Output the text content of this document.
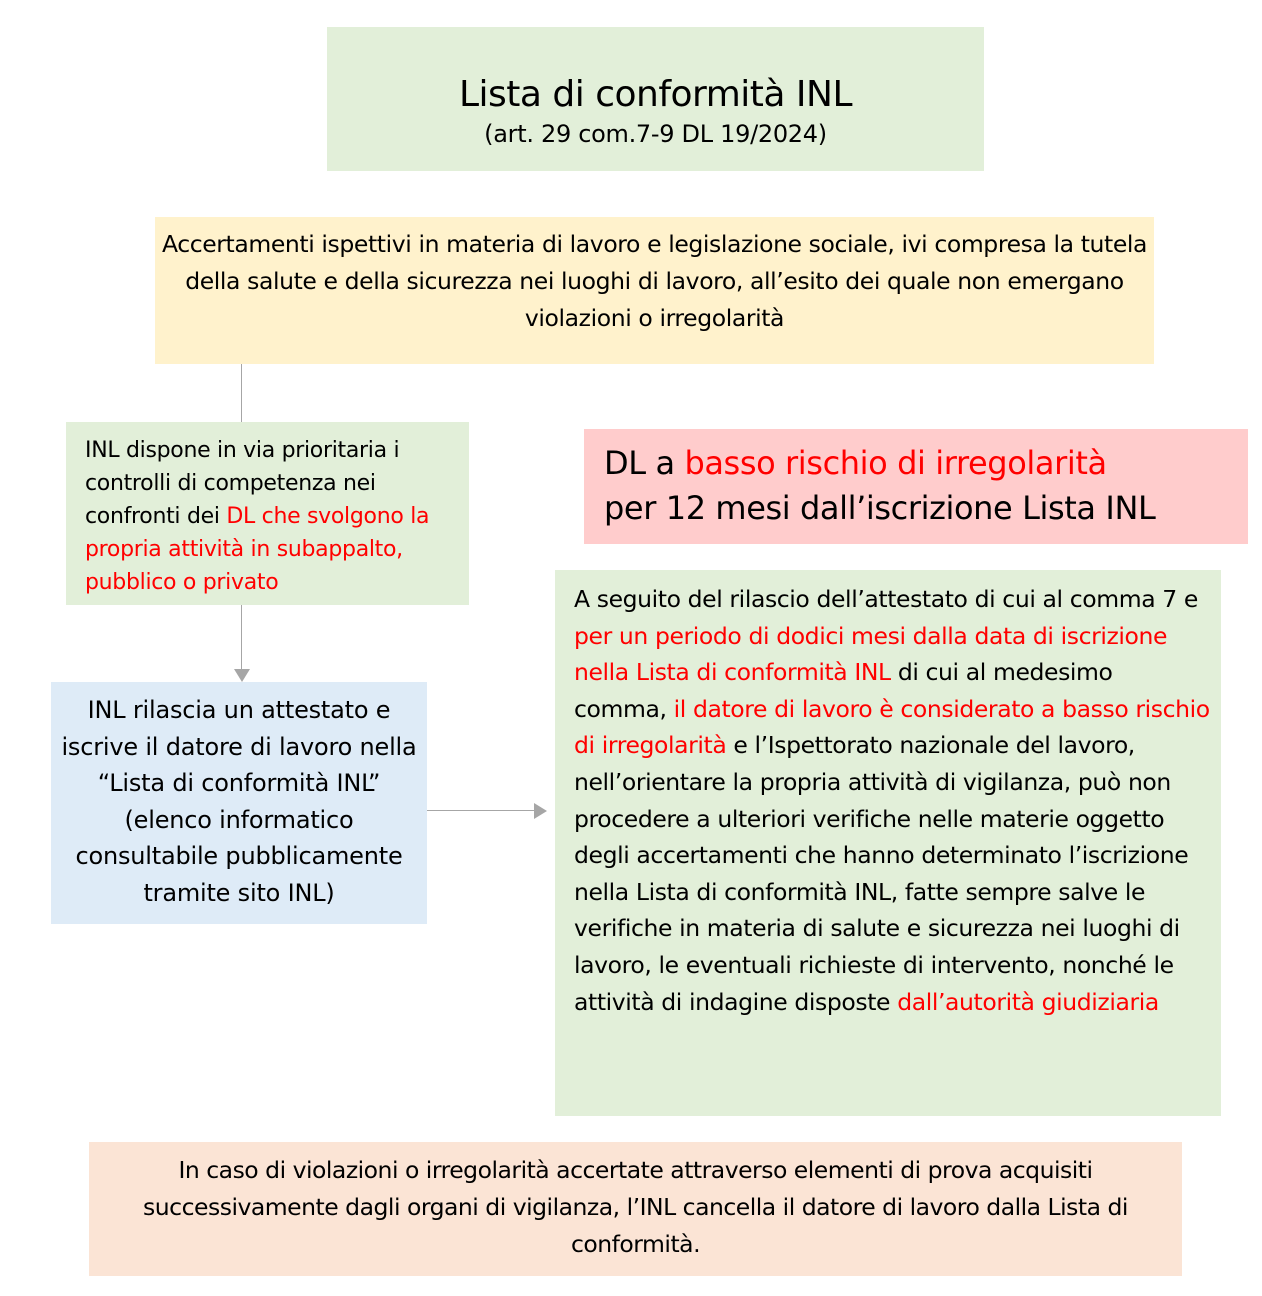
Lista di conformità INL
(art. 29 com.7-9 DL 19/2024)
Accertamenti ispettivi in materia di lavoro e legislazione sociale, ivi compresa la tutela della salute e della sicurezza nei luoghi di lavoro, all’esito dei quale non emergano violazioni o irregolarità
INL dispone in via prioritaria i controlli di competenza nei confronti dei DL che svolgono la propria attività in subappalto, pubblico o privato
INL rilascia un attestato e iscrive il datore di lavoro nella “Lista di conformità INL” (elenco informatico consultabile pubblicamente tramite sito INL)
DL a basso rischio di irregolarità
per 12 mesi dall’iscrizione Lista INL
A seguito del rilascio dell’attestato di cui al comma 7 e per un periodo di dodici mesi dalla data di iscrizione nella Lista di conformità INL di cui al medesimo comma, il datore di lavoro è considerato a basso rischio di irregolarità e l’Ispettorato nazionale del lavoro, nell’orientare la propria attività di vigilanza, può non procedere a ulteriori verifiche nelle materie oggetto degli accertamenti che hanno determinato l’iscrizione nella Lista di conformità INL, fatte sempre salve le verifiche in materia di salute e sicurezza nei luoghi di lavoro, le eventuali richieste di intervento, nonché le attività di indagine disposte dall’autorità giudiziaria
In caso di violazioni o irregolarità accertate attraverso elementi di prova acquisiti successivamente dagli organi di vigilanza, l’INL cancella il datore di lavoro dalla Lista di conformità.
